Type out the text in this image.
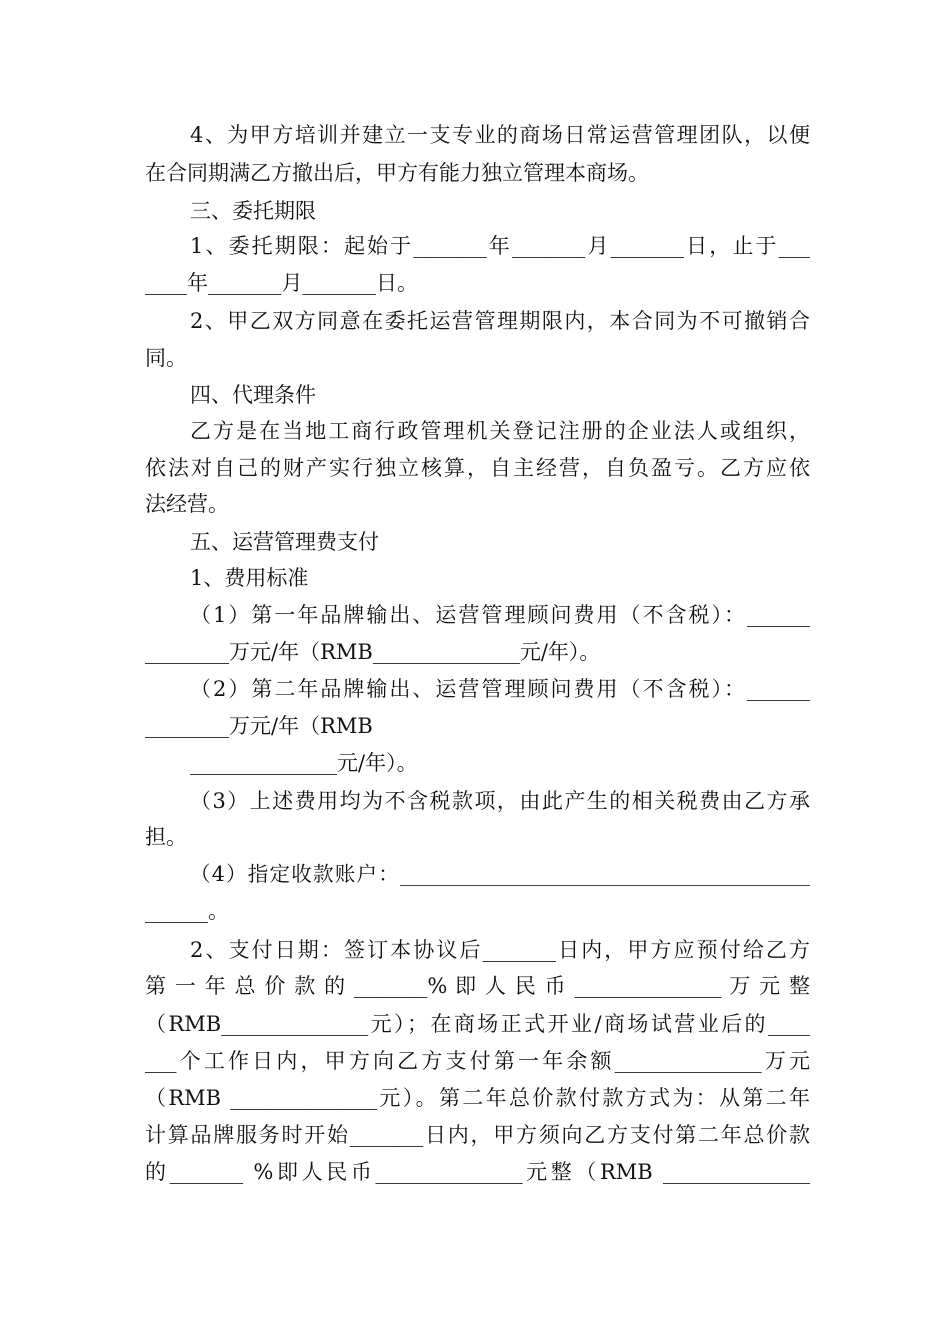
4、为甲方培训并建立一支专业的商场日常运营管理团队，以便
在合同期满乙方撤出后，甲方有能力独立管理本商场。
三、委托期限
1、委托期限：起始于_______年_______月_______日，止于___
____年_______月_______日。
2、甲乙双方同意在委托运营管理期限内，本合同为不可撤销合
同。
四、代理条件
乙方是在当地工商行政管理机关登记注册的企业法人或组织，
依法对自己的财产实行独立核算，自主经营，自负盈亏。乙方应依
法经营。
五、运营管理费支付
1、费用标准
（1）第一年品牌输出、运营管理顾问费用（不含税）：______
________万元/年（RMB______________元/年）。
（2）第二年品牌输出、运营管理顾问费用（不含税）：______
________万元/年（RMB
______________元/年）。
（3）上述费用均为不含税款项，由此产生的相关税费由乙方承
担。
（4）指定收款账户：________________________________________
______。
2、支付日期：签订本协议后_______日内，甲方应预付给乙方
第 一 年 总 价 款 的 _______% 即 人 民 币 ______________ 万 元 整
（RMB______________元）；在商场正式开业/商场试营业后的____
___个工作日内，甲方向乙方支付第一年余额______________万元
（RMB ______________元）。第二年总价款付款方式为：从第二年
计算品牌服务时开始_______日内，甲方须向乙方支付第二年总价款
的_______ %即人民币______________元整（RMB ______________
